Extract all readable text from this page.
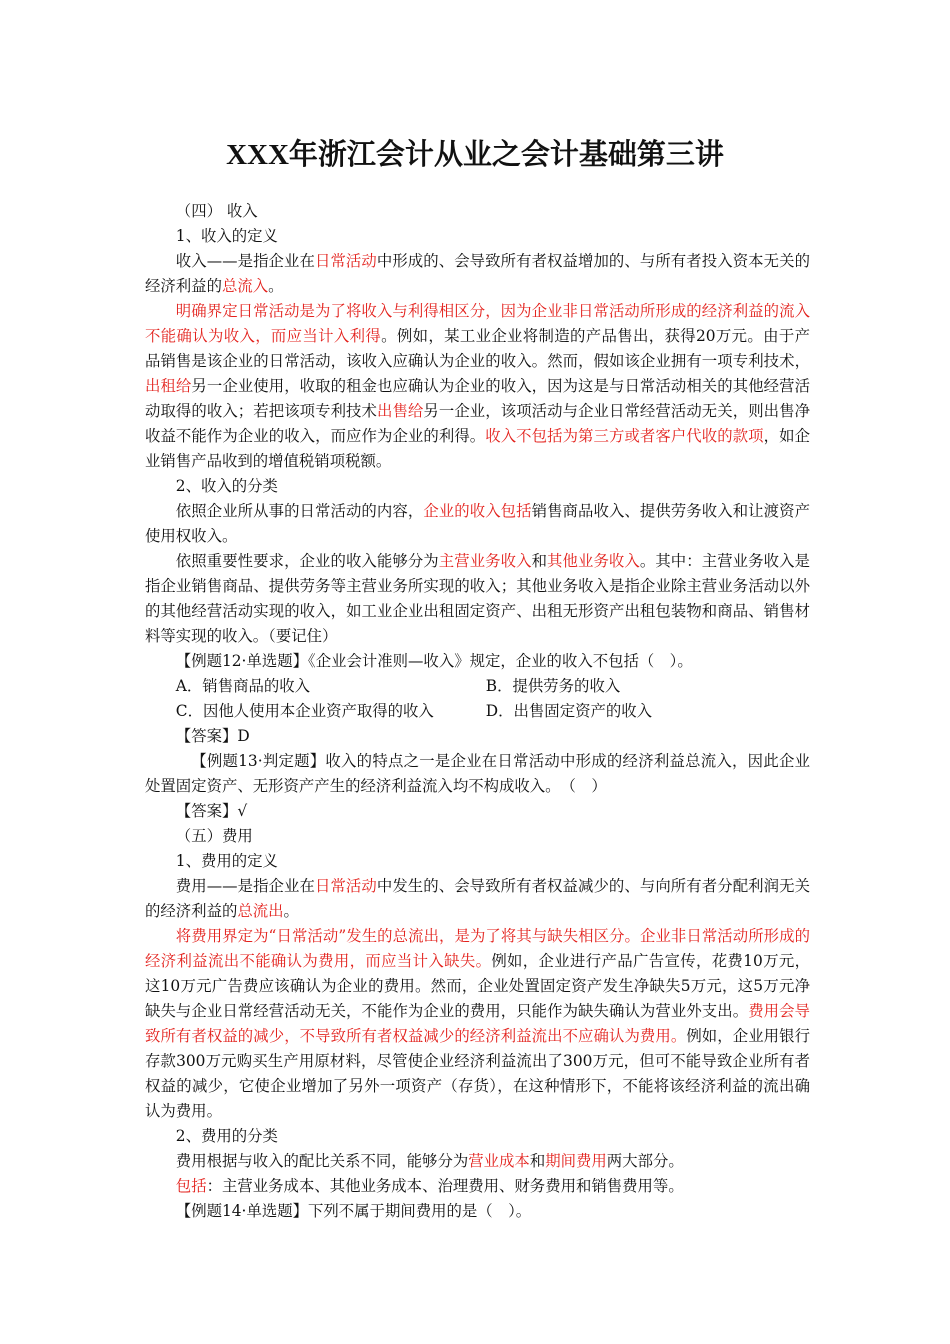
XXX年浙江会计从业之会计基础第三讲

（四） 收入

1、收入的定义

收入——是指企业在日常活动中形成的、会导致所有者权益增加的、与所有者投入资本无关的经济利益的总流入。

明确界定日常活动是为了将收入与利得相区分，因为企业非日常活动所形成的经济利益的流入不能确认为收入，而应当计入利得。例如，某工业企业将制造的产品售出，获得20万元。由于产品销售是该企业的日常活动，该收入应确认为企业的收入。然而，假如该企业拥有一项专利技术，出租给另一企业使用，收取的租金也应确认为企业的收入，因为这是与日常活动相关的其他经营活动取得的收入；若把该项专利技术出售给另一企业，该项活动与企业日常经营活动无关，则出售净收益不能作为企业的收入，而应作为企业的利得。收入不包括为第三方或者客户代收的款项，如企业销售产品收到的增值税销项税额。

2、收入的分类

依照企业所从事的日常活动的内容，企业的收入包括销售商品收入、提供劳务收入和让渡资产使用权收入。

依照重要性要求，企业的收入能够分为主营业务收入和其他业务收入。其中：主营业务收入是指企业销售商品、提供劳务等主营业务所实现的收入；其他业务收入是指企业除主营业务活动以外的其他经营活动实现的收入，如工业企业出租固定资产、出租无形资产出租包装物和商品、销售材料等实现的收入。（要记住）

【例题12·单选题】《企业会计准则—收入》规定，企业的收入不包括（　）。

A．销售商品的收入	B．提供劳务的收入
C．因他人使用本企业资产取得的收入	D．出售固定资产的收入

【答案】D

【例题13·判定题】收入的特点之一是企业在日常活动中形成的经济利益总流入，因此企业处置固定资产、无形资产产生的经济利益流入均不构成收入。　（　）

【答案】√

（五）费用

1、费用的定义

费用——是指企业在日常活动中发生的、会导致所有者权益减少的、与向所有者分配利润无关的经济利益的总流出。

将费用界定为“日常活动”发生的总流出，是为了将其与缺失相区分。企业非日常活动所形成的经济利益流出不能确认为费用，而应当计入缺失。例如，企业进行产品广告宣传，花费10万元，这10万元广告费应该确认为企业的费用。然而，企业处置固定资产发生净缺失5万元，这5万元净缺失与企业日常经营活动无关，不能作为企业的费用，只能作为缺失确认为营业外支出。费用会导致所有者权益的减少，不导致所有者权益减少的经济利益流出不应确认为费用。例如，企业用银行存款300万元购买生产用原材料，尽管使企业经济利益流出了300万元，但可不能导致企业所有者权益的减少，它使企业增加了另外一项资产（存货），在这种情形下，不能将该经济利益的流出确认为费用。

2、费用的分类

费用根据与收入的配比关系不同，能够分为营业成本和期间费用两大部分。

包括：主营业务成本、其他业务成本、治理费用、财务费用和销售费用等。

【例题14·单选题】下列不属于期间费用的是（　）。
